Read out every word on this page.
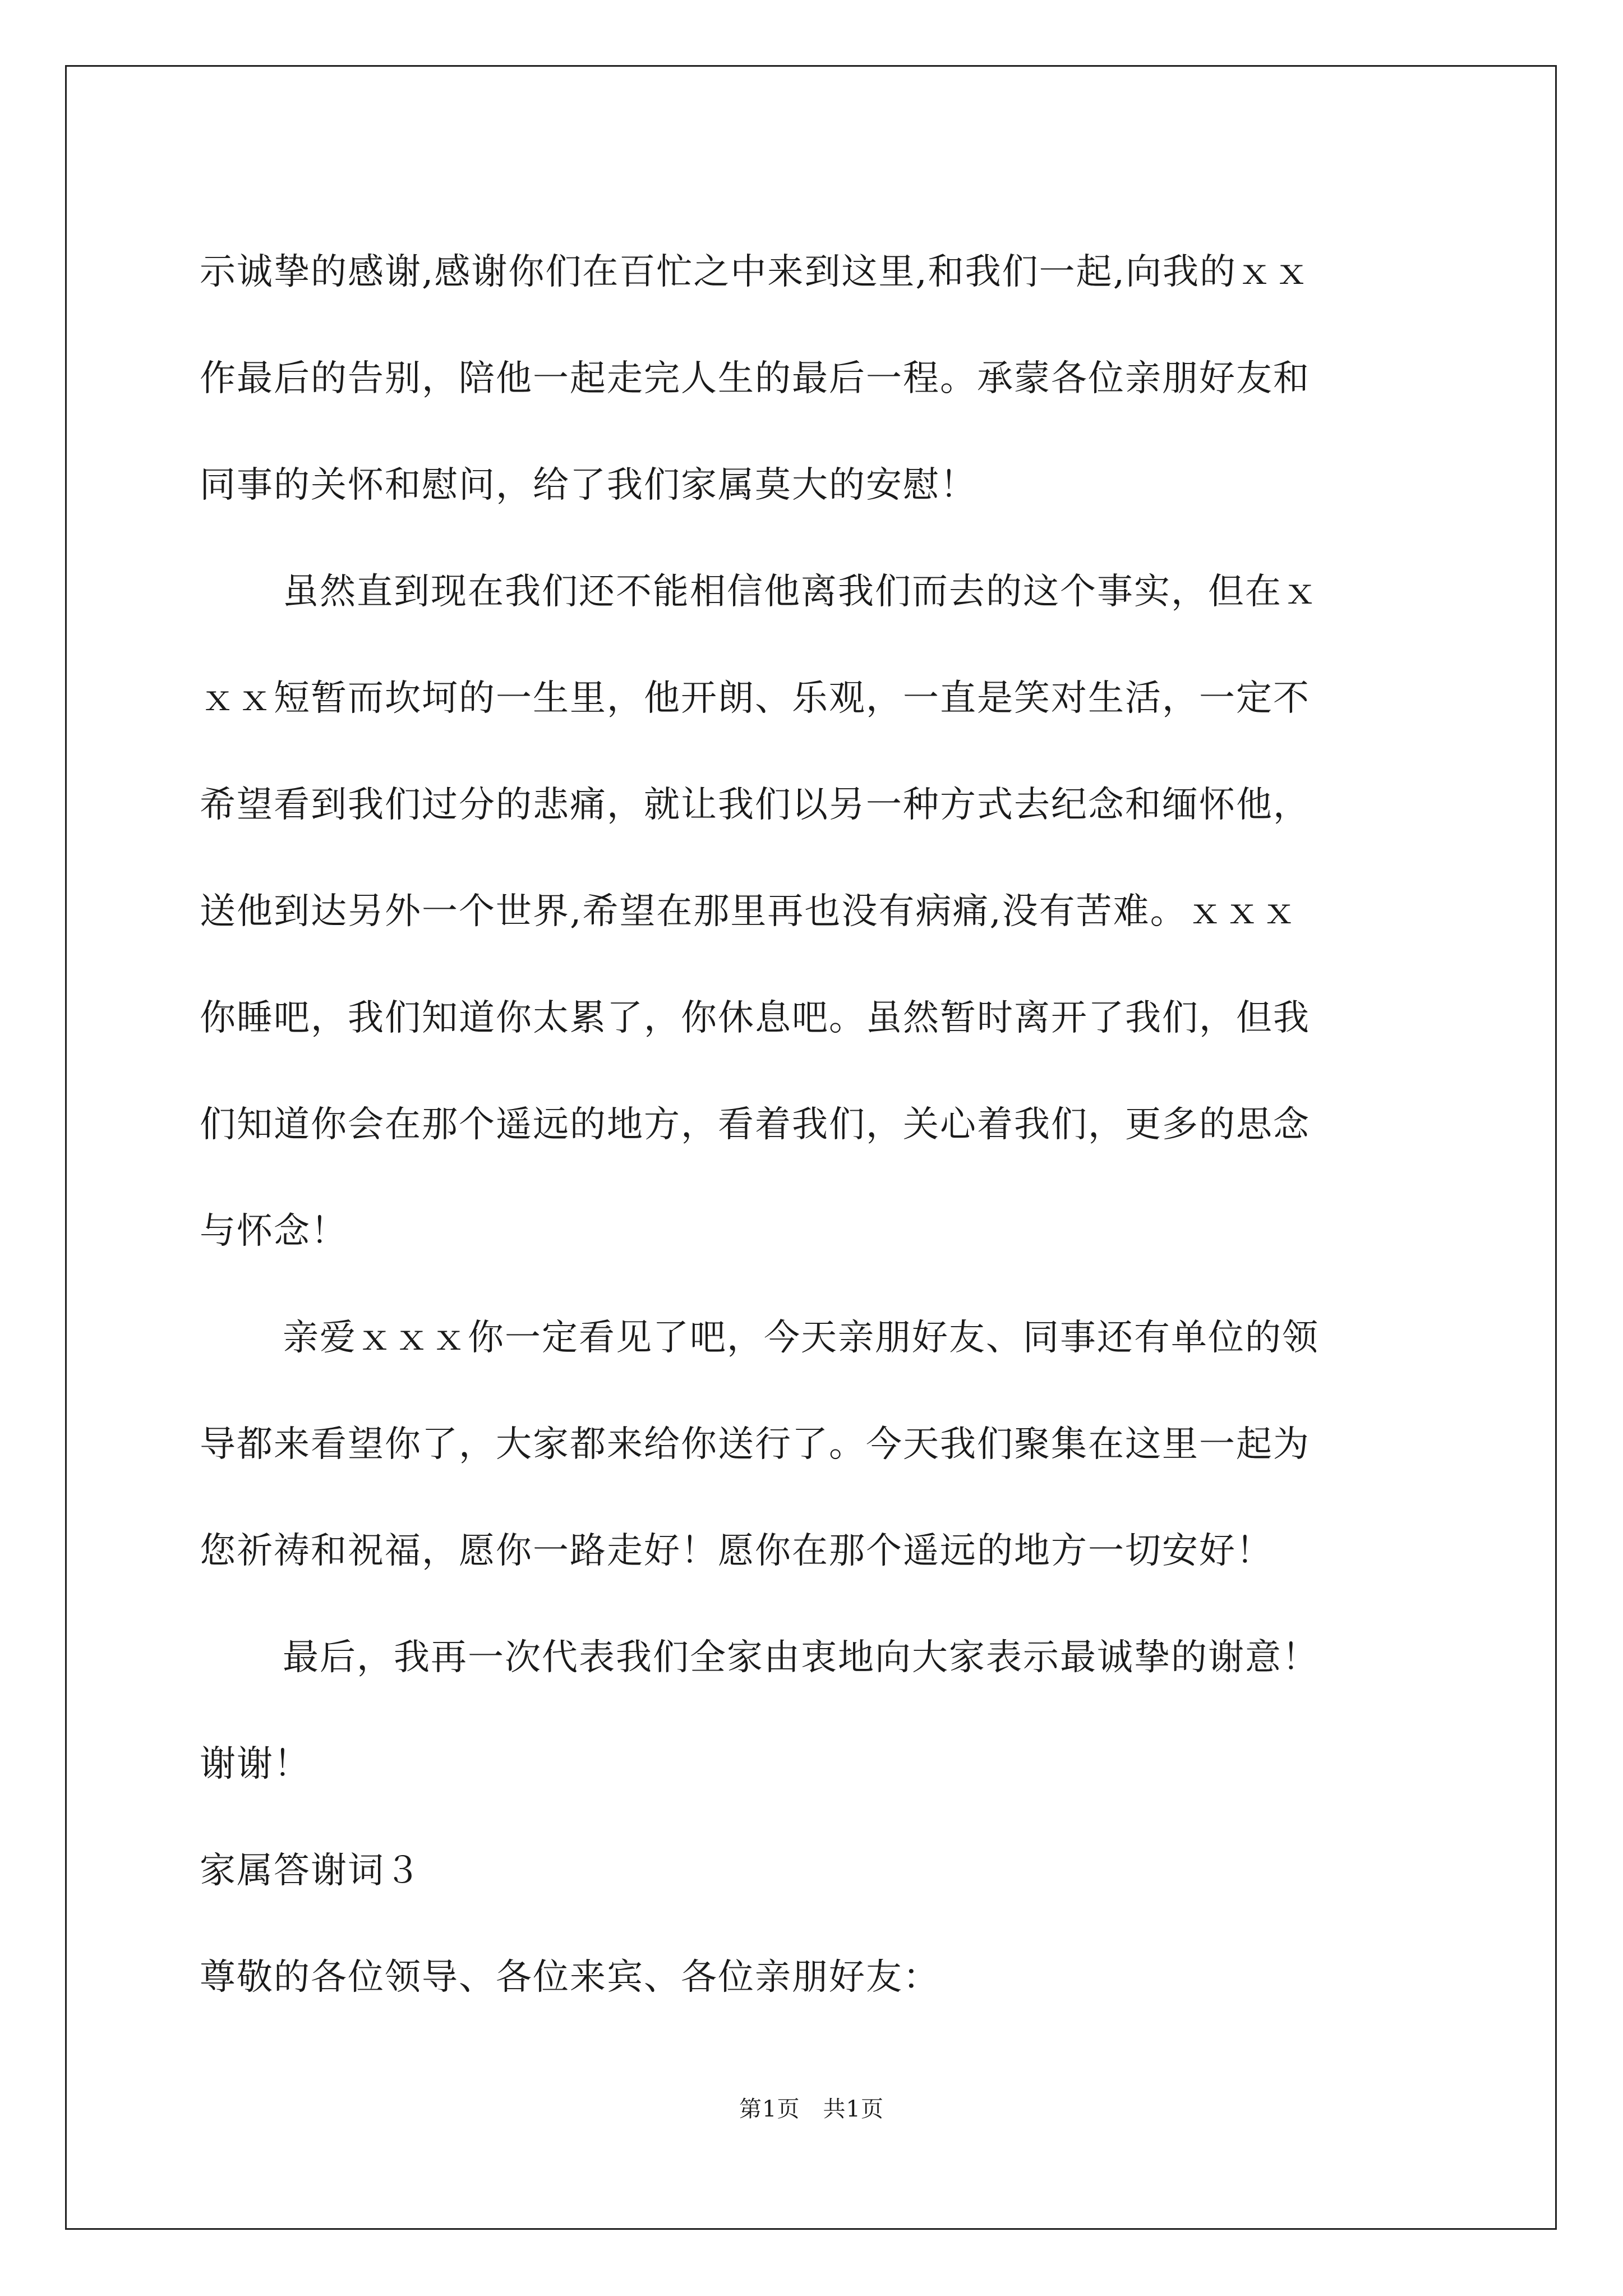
示诚挚的感谢,感谢你们在百忙之中来到这里,和我们一起,向我的ｘｘ
作最后的告别，陪他一起走完人生的最后一程。承蒙各位亲朋好友和
同事的关怀和慰问，给了我们家属莫大的安慰！
虽然直到现在我们还不能相信他离我们而去的这个事实，但在ｘ
ｘｘ短暂而坎坷的一生里，他开朗、乐观，一直是笑对生活，一定不
希望看到我们过分的悲痛，就让我们以另一种方式去纪念和缅怀他，
送他到达另外一个世界,希望在那里再也没有病痛,没有苦难。ｘｘｘ
你睡吧，我们知道你太累了，你休息吧。虽然暂时离开了我们，但我
们知道你会在那个遥远的地方，看着我们，关心着我们，更多的思念
与怀念！
亲爱ｘｘｘ你一定看见了吧，今天亲朋好友、同事还有单位的领
导都来看望你了，大家都来给你送行了。今天我们聚集在这里一起为
您祈祷和祝福，愿你一路走好！愿你在那个遥远的地方一切安好！
最后，我再一次代表我们全家由衷地向大家表示最诚挚的谢意！
谢谢！
家属答谢词３
尊敬的各位领导、各位来宾、各位亲朋好友：
第1页　共1页
